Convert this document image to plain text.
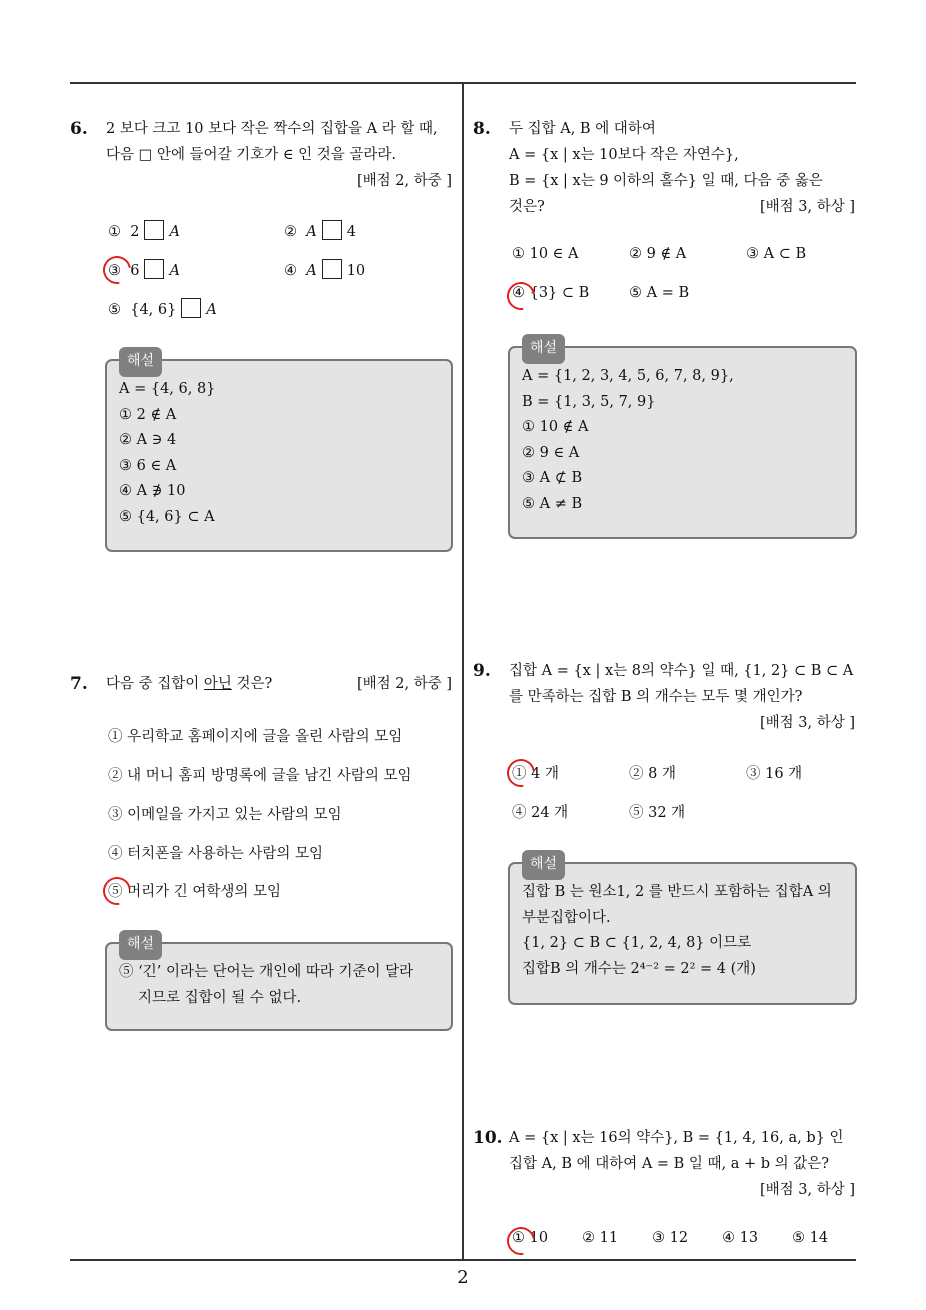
6. 2 보다 크고 10 보다 작은 짝수의 집합을 A 라 할 때,
다음 □ 안에 들어갈 기호가 ∈ 인 것을 골라라.
[배점 2, 하중 ]
① 2 A	② A 4
③ 6 A	④ A 10
⑤ {4, 6} A
해설
A = {4, 6, 8}
① 2 ∉ A
② A ∋ 4
③ 6 ∈ A
④ A ∌ 10
⑤ {4, 6} ⊂ A
7. 다음 중 집합이 아닌 것은?	[배점 2, 하중 ]
① 우리학교 홈페이지에 글을 올린 사람의 모임
② 내 머니 홈피 방명록에 글을 남긴 사람의 모임
③ 이메일을 가지고 있는 사람의 모임
④ 터치폰을 사용하는 사람의 모임
⑤ 머리가 긴 여학생의 모임
해설
⑤ ‘긴’ 이라는 단어는 개인에 따라 기준이 달라
지므로 집합이 될 수 없다.
8. 두 집합 A, B 에 대하여
A = {x | x는 10보다 작은 자연수},
B = {x | x는 9 이하의 홀수} 일 때, 다음 중 옳은
것은?	[배점 3, 하상 ]
① 10 ∈ A	② 9 ∉ A	③ A ⊂ B
④ {3} ⊂ B	⑤ A = B
해설
A = {1, 2, 3, 4, 5, 6, 7, 8, 9},
B = {1, 3, 5, 7, 9}
① 10 ∉ A
② 9 ∈ A
③ A ⊄ B
⑤ A ≠ B
9. 집합 A = {x | x는 8의 약수} 일 때, {1, 2} ⊂ B ⊂ A
를 만족하는 집합 B 의 개수는 모두 몇 개인가?
[배점 3, 하상 ]
① 4 개	② 8 개	③ 16 개
④ 24 개	⑤ 32 개
해설
집합 B 는 원소1, 2 를 반드시 포함하는 집합A 의
부분집합이다.
{1, 2} ⊂ B ⊂ {1, 2, 4, 8} 이므로
집합B 의 개수는 2⁴⁻² = 2² = 4 (개)
10. A = {x | x는 16의 약수}, B = {1, 4, 16, a, b} 인
집합 A, B 에 대하여 A = B 일 때, a + b 의 값은?
[배점 3, 하상 ]
① 10 ② 11 ③ 12 ④ 13 ⑤ 14
2
